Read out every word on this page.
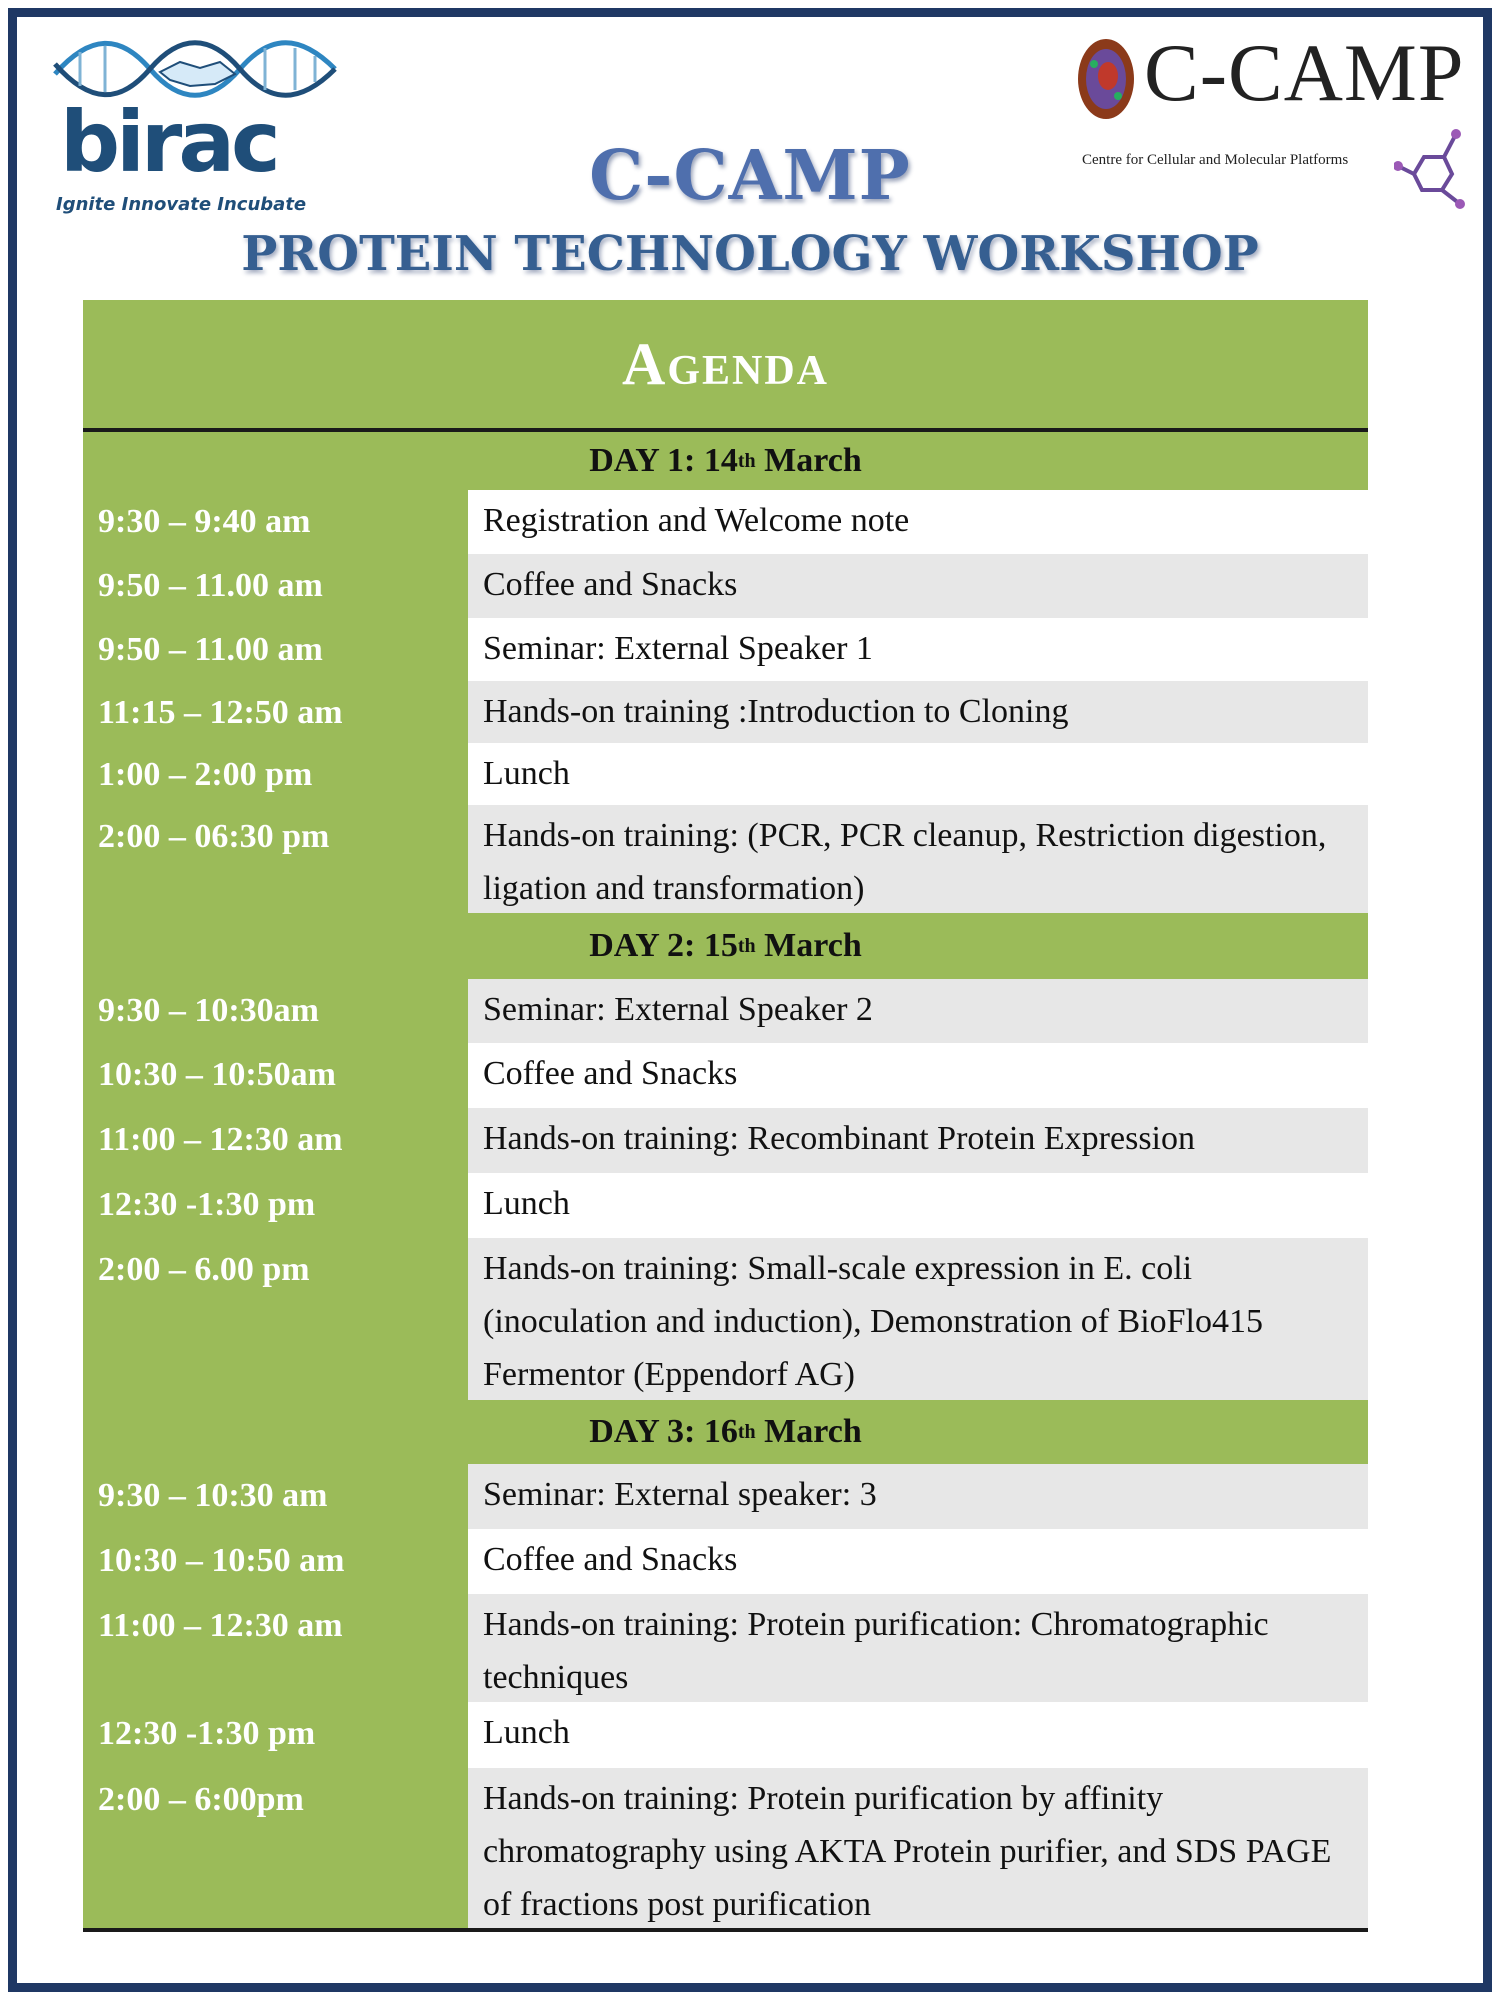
birac
Ignite Innovate Incubate
C-CAMP
Centre for Cellular and Molecular Platforms
C-CAMP
PROTEIN TECHNOLOGY WORKSHOP
Agenda
DAY 1: 14 th
March
9:30 – 9:40 am	Registration and Welcome note
9:50 – 11.00 am	Coffee and Snacks
9:50 – 11.00 am	Seminar: External Speaker 1
11:15 – 12:50 am	Hands-on training :Introduction to Cloning
1:00 – 2:00 pm	Lunch
2:00 – 06:30 pm	Hands-on training: (PCR, PCR cleanup, Restriction digestion, ligation and transformation)
DAY 2: 15 th
March
9:30 – 10:30am	Seminar: External Speaker 2
10:30 – 10:50am	Coffee and Snacks
11:00 – 12:30 am	Hands-on training: Recombinant Protein Expression
12:30 -1:30 pm	Lunch
2:00 – 6.00 pm	Hands-on training: Small-scale expression in E. coli (inoculation and induction), Demonstration of BioFlo415 Fermentor (Eppendorf AG)
DAY 3: 16 th
March
9:30 – 10:30 am	Seminar: External speaker: 3
10:30 – 10:50 am	Coffee and Snacks
11:00 – 12:30 am	Hands-on training: Protein purification: Chromatographic techniques
12:30 -1:30 pm	Lunch
2:00 – 6:00pm	Hands-on training: Protein purification by affinity chromatography using AKTA Protein purifier, and SDS PAGE of fractions post purification
